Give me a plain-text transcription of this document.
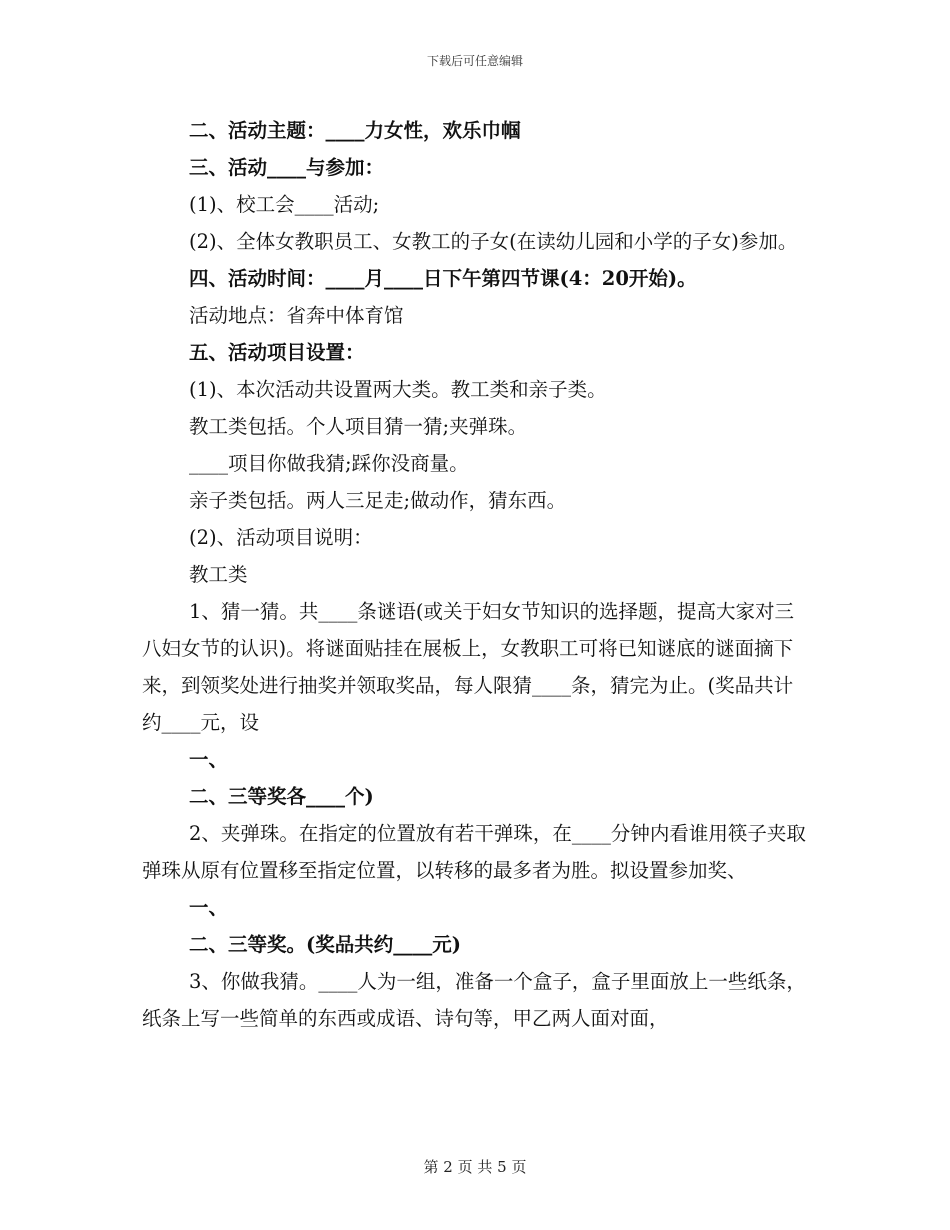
下载后可任意编辑

二、活动主题：____力女性，欢乐巾帼

三、活动____与参加：

(1)、校工会____活动;

(2)、全体女教职员工、女教工的子女(在读幼儿园和小学的子女)参加。

四、活动时间：____月____日下午第四节课(4：20开始)。

活动地点：省奔中体育馆

五、活动项目设置：

(1)、本次活动共设置两大类。教工类和亲子类。

教工类包括。个人项目猜一猜;夹弹珠。

____项目你做我猜;踩你没商量。

亲子类包括。两人三足走;做动作，猜东西。

(2)、活动项目说明：

教工类

1、猜一猜。共____条谜语(或关于妇女节知识的选择题，提高大家对三八妇女节的认识)。将谜面贴挂在展板上，女教职工可将已知谜底的谜面摘下来，到领奖处进行抽奖并领取奖品，每人限猜____条，猜完为止。(奖品共计约____元，设

一、

二、三等奖各____个)

2、夹弹珠。在指定的位置放有若干弹珠，在____分钟内看谁用筷子夹取弹珠从原有位置移至指定位置，以转移的最多者为胜。拟设置参加奖、

一、

二、三等奖。(奖品共约____元)

3、你做我猜。____人为一组，准备一个盒子，盒子里面放上一些纸条，纸条上写一些简单的东西或成语、诗句等，甲乙两人面对面，

第 2 页 共 5 页
